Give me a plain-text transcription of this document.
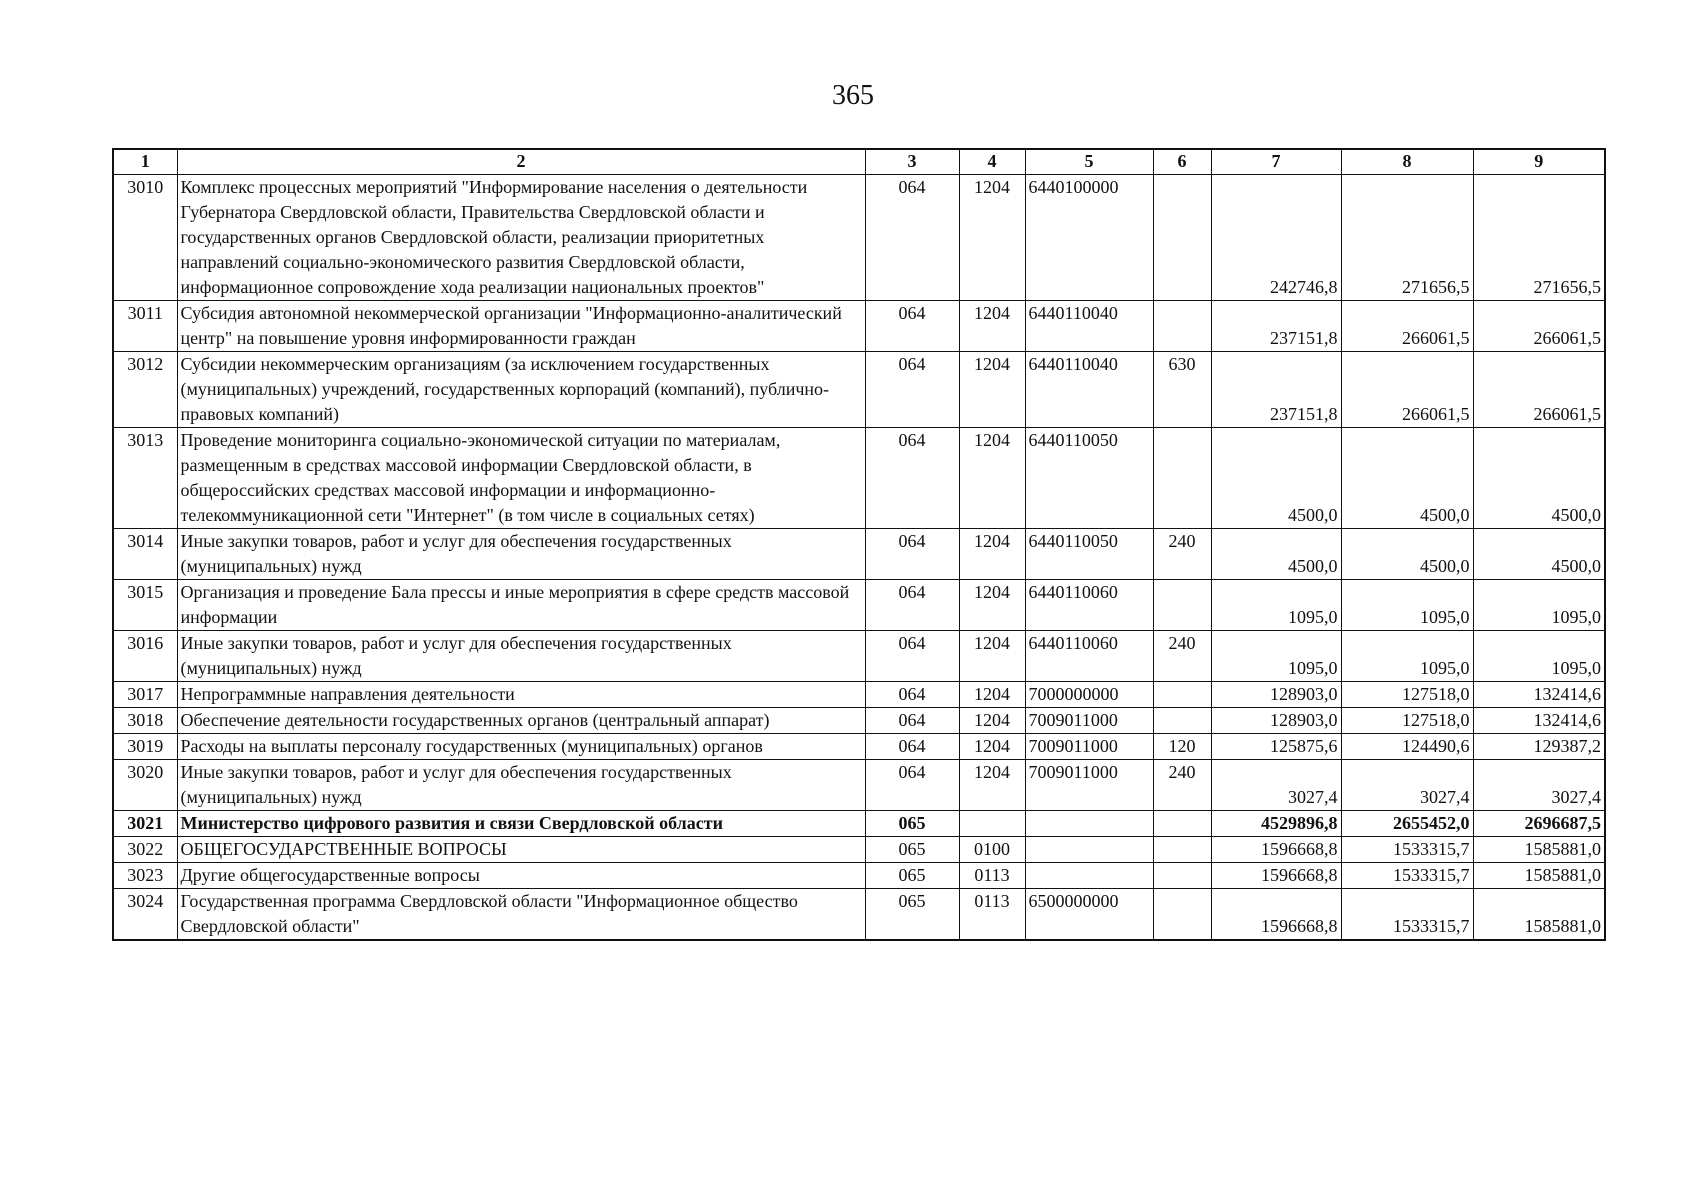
365
1	2	3	4	5	6	7	8	9
3010	Комплекс процессных мероприятий "Информирование населения о деятельности Губернатора Свердловской области, Правительства Свердловской области и государственных органов Свердловской области, реализации приоритетных направлений социально-экономического развития Свердловской области, информационное сопровождение хода реализации национальных проектов"	064	1204	6440100000		242746,8	271656,5	271656,5
3011	Субсидия автономной некоммерческой организации "Информационно-аналитический центр" на повышение уровня информированности граждан	064	1204	6440110040		237151,8	266061,5	266061,5
3012	Субсидии некоммерческим организациям (за исключением государственных (муниципальных) учреждений, государственных корпораций (компаний), публично-правовых компаний)	064	1204	6440110040	630	237151,8	266061,5	266061,5
3013	Проведение мониторинга социально-экономической ситуации по материалам, размещенным в средствах массовой информации Свердловской области, в общероссийских средствах массовой информации и информационно-телекоммуникационной сети "Интернет" (в том числе в социальных сетях)	064	1204	6440110050		4500,0	4500,0	4500,0
3014	Иные закупки товаров, работ и услуг для обеспечения государственных (муниципальных) нужд	064	1204	6440110050	240	4500,0	4500,0	4500,0
3015	Организация и проведение Бала прессы и иные мероприятия в сфере средств массовой информации	064	1204	6440110060		1095,0	1095,0	1095,0
3016	Иные закупки товаров, работ и услуг для обеспечения государственных (муниципальных) нужд	064	1204	6440110060	240	1095,0	1095,0	1095,0
3017	Непрограммные направления деятельности	064	1204	7000000000		128903,0	127518,0	132414,6
3018	Обеспечение деятельности государственных органов (центральный аппарат)	064	1204	7009011000		128903,0	127518,0	132414,6
3019	Расходы на выплаты персоналу государственных (муниципальных) органов	064	1204	7009011000	120	125875,6	124490,6	129387,2
3020	Иные закупки товаров, работ и услуг для обеспечения государственных (муниципальных) нужд	064	1204	7009011000	240	3027,4	3027,4	3027,4
3021	Министерство цифрового развития и связи Свердловской области	065				4529896,8	2655452,0	2696687,5
3022	ОБЩЕГОСУДАРСТВЕННЫЕ ВОПРОСЫ	065	0100			1596668,8	1533315,7	1585881,0
3023	Другие общегосударственные вопросы	065	0113			1596668,8	1533315,7	1585881,0
3024	Государственная программа Свердловской области "Информационное общество Свердловской области"	065	0113	6500000000		1596668,8	1533315,7	1585881,0
